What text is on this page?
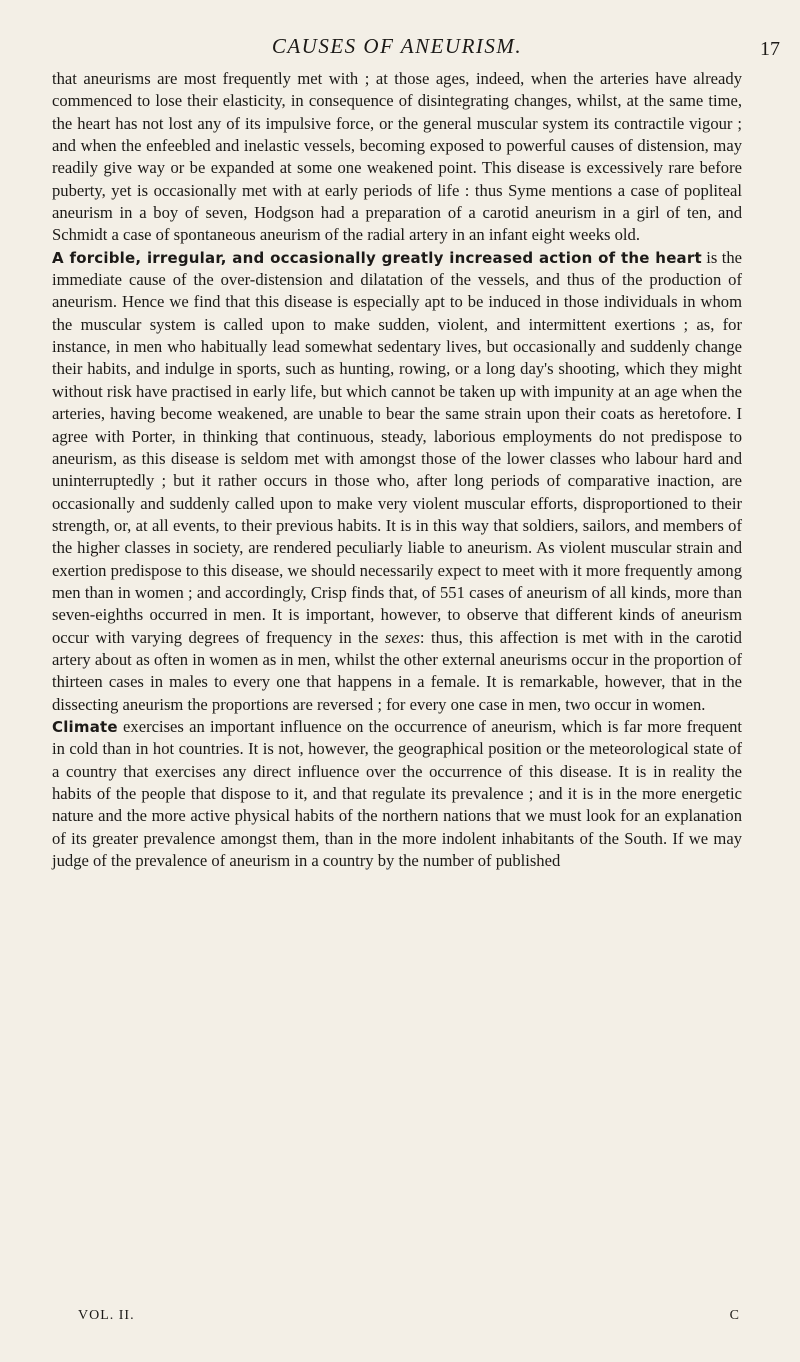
CAUSES OF ANEURISM.	17

that aneurisms are most frequently met with ; at those ages, indeed, when the arteries have already commenced to lose their elasticity, in consequence of disintegrating changes, whilst, at the same time, the heart has not lost any of its impulsive force, or the general muscular system its contractile vigour ; and when the enfeebled and inelastic vessels, becoming exposed to powerful causes of distension, may readily give way or be expanded at some one weakened point. This disease is excessively rare before puberty, yet is occasionally met with at early periods of life : thus Syme mentions a case of popliteal aneurism in a boy of seven, Hodgson had a preparation of a carotid aneurism in a girl of ten, and Schmidt a case of spontaneous aneurism of the radial artery in an infant eight weeks old.

A forcible, irregular, and occasionally greatly increased action of the heart is the immediate cause of the over-distension and dilatation of the vessels, and thus of the production of aneurism. Hence we find that this disease is especially apt to be induced in those individuals in whom the muscular system is called upon to make sudden, violent, and intermittent exertions ; as, for instance, in men who habitually lead somewhat sedentary lives, but occasionally and suddenly change their habits, and indulge in sports, such as hunting, rowing, or a long day's shooting, which they might without risk have practised in early life, but which cannot be taken up with impunity at an age when the arteries, having become weakened, are unable to bear the same strain upon their coats as heretofore. I agree with Porter, in thinking that continuous, steady, laborious employments do not predispose to aneurism, as this disease is seldom met with amongst those of the lower classes who labour hard and uninterruptedly ; but it rather occurs in those who, after long periods of comparative inaction, are occasionally and suddenly called upon to make very violent muscular efforts, disproportioned to their strength, or, at all events, to their previous habits. It is in this way that soldiers, sailors, and members of the higher classes in society, are rendered peculiarly liable to aneurism. As violent muscular strain and exertion predispose to this disease, we should necessarily expect to meet with it more frequently among men than in women ; and accordingly, Crisp finds that, of 551 cases of aneurism of all kinds, more than seven-eighths occurred in men. It is important, however, to observe that different kinds of aneurism occur with varying degrees of frequency in the sexes: thus, this affection is met with in the carotid artery about as often in women as in men, whilst the other external aneurisms occur in the proportion of thirteen cases in males to every one that happens in a female. It is remarkable, however, that in the dissecting aneurism the proportions are reversed ; for every one case in men, two occur in women.

Climate exercises an important influence on the occurrence of aneurism, which is far more frequent in cold than in hot countries. It is not, however, the geographical position or the meteorological state of a country that exercises any direct influence over the occurrence of this disease. It is in reality the habits of the people that dispose to it, and that regulate its prevalence ; and it is in the more energetic nature and the more active physical habits of the northern nations that we must look for an explanation of its greater prevalence amongst them, than in the more indolent inhabitants of the South. If we may judge of the prevalence of aneurism in a country by the number of published

VOL. II.	C
